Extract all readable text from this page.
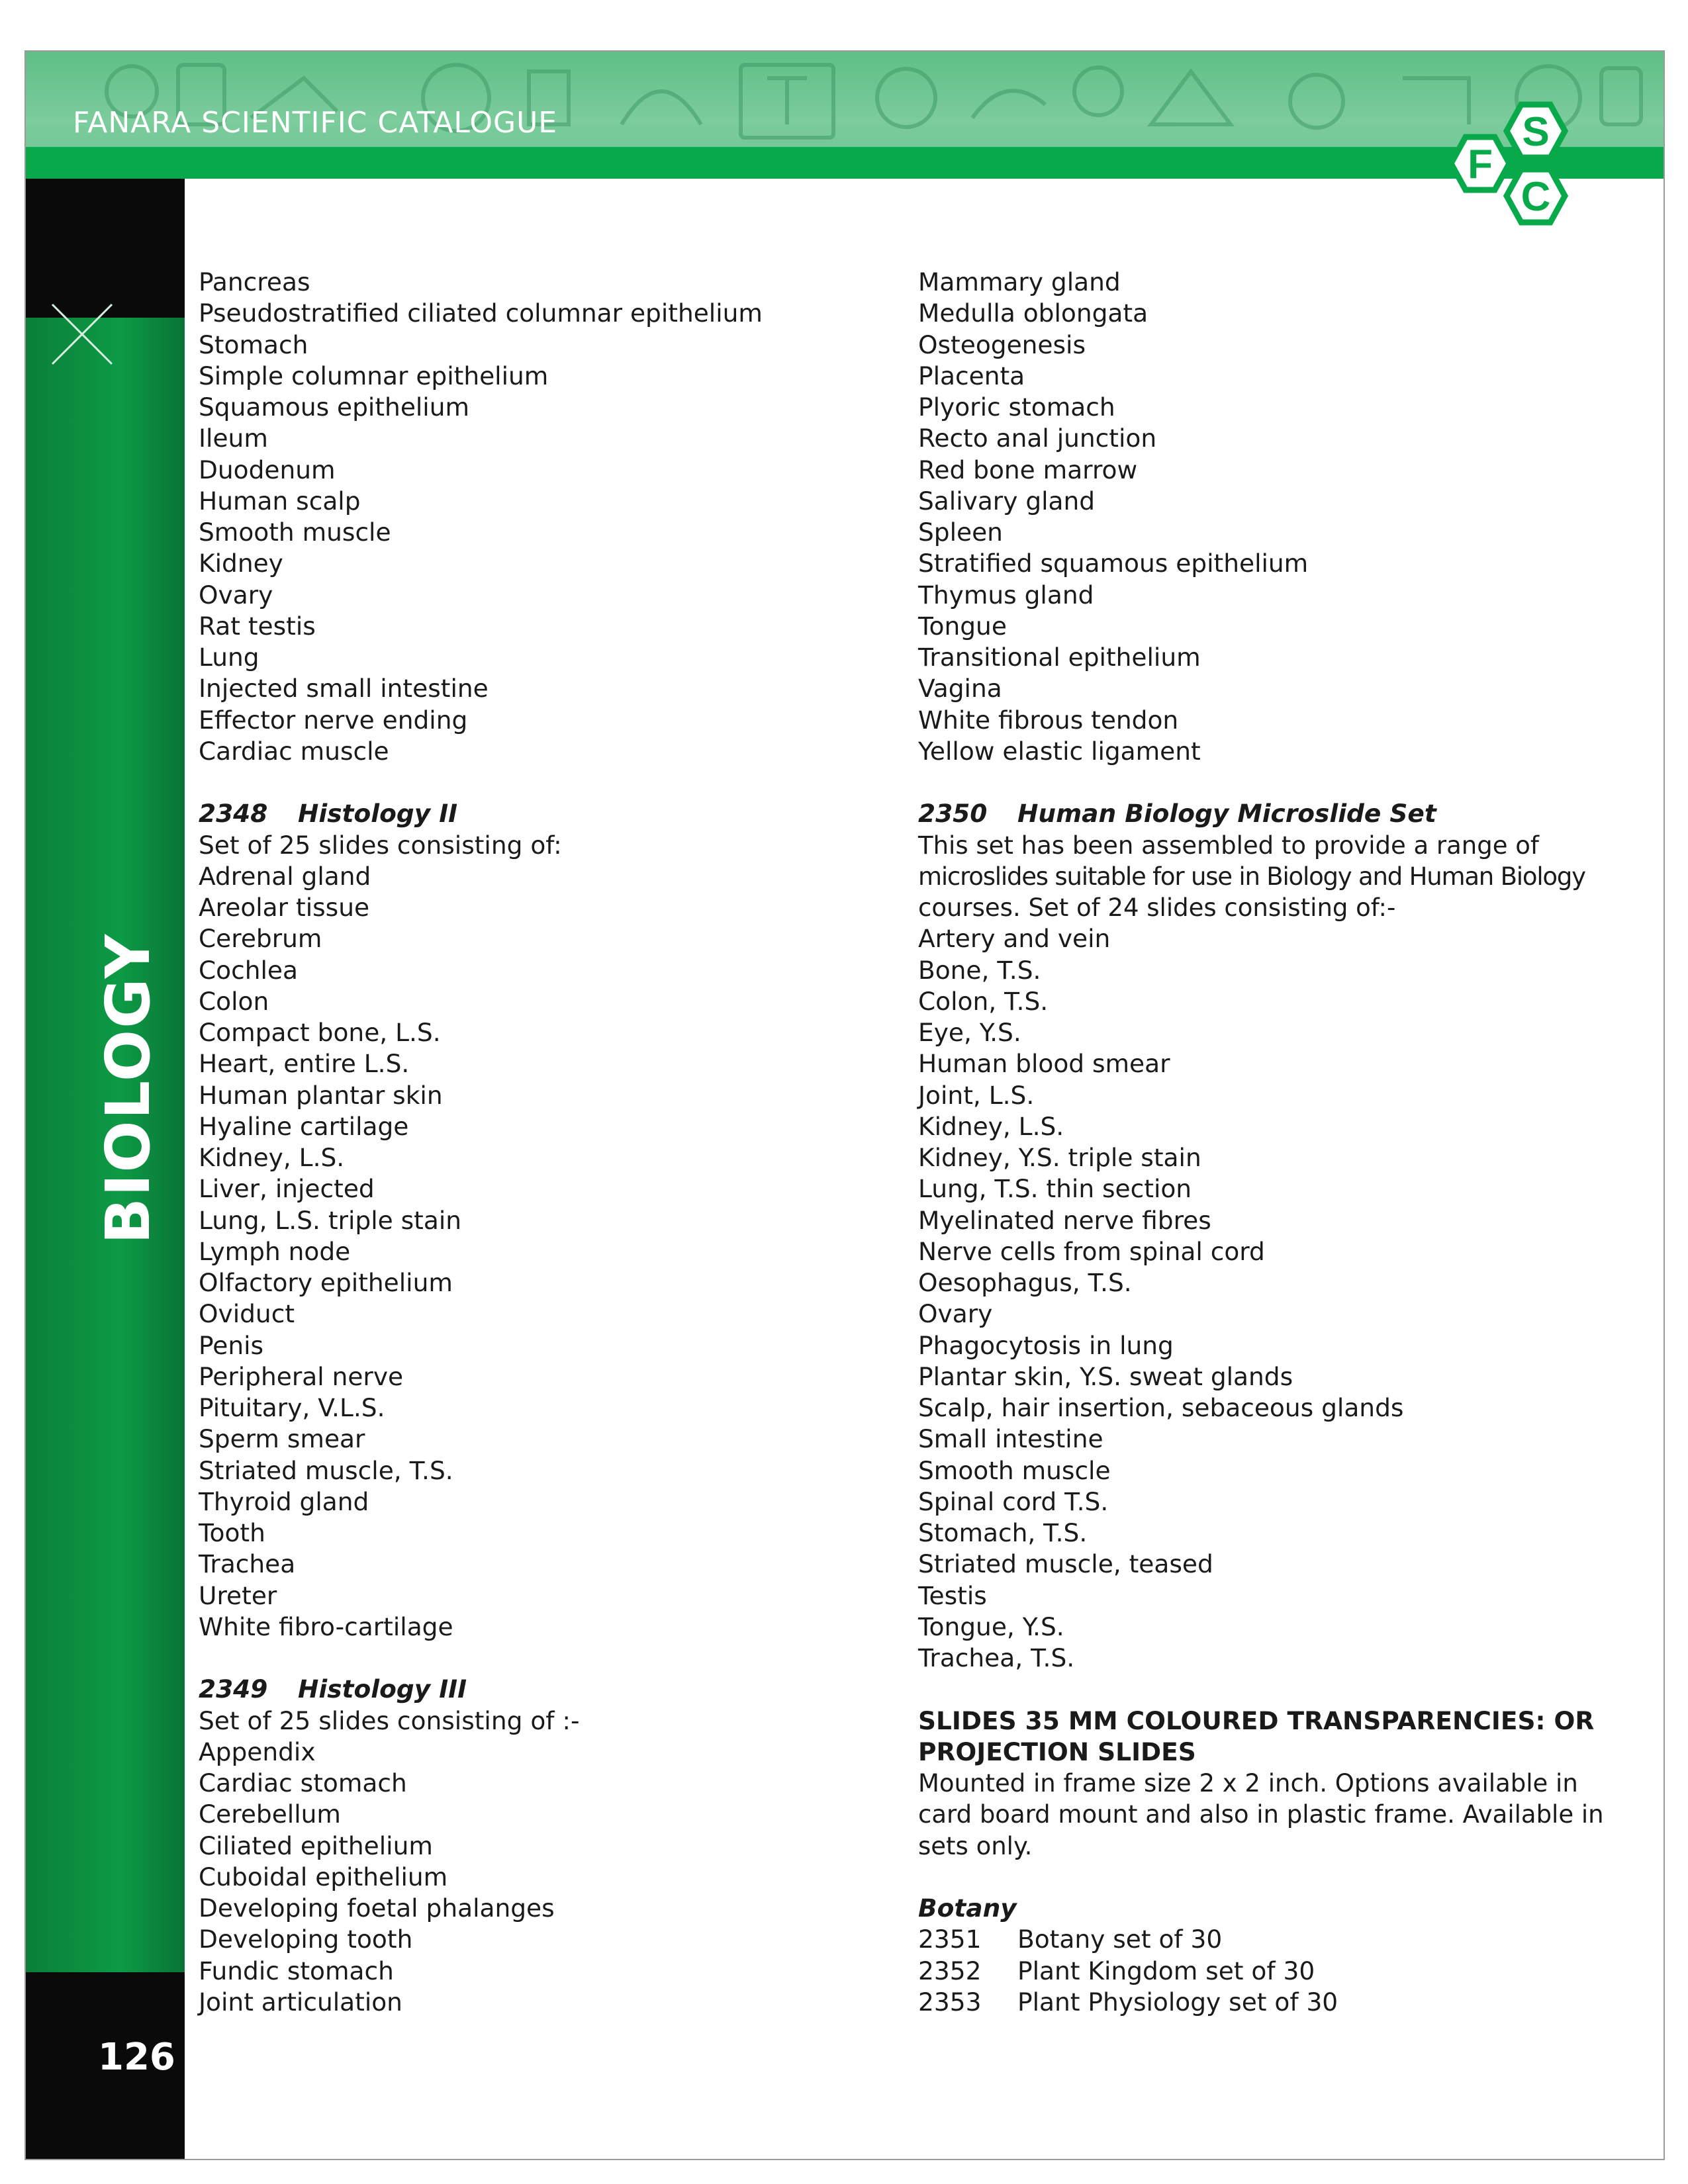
FANARA SCIENTIFIC CATALOGUE	S
F
C
BIOLOGY
126
Pancreas
Pseudostratified ciliated columnar epithelium
Stomach
Simple columnar epithelium
Squamous epithelium
Ileum
Duodenum
Human scalp
Smooth muscle
Kidney
Ovary
Rat testis
Lung
Injected small intestine
Effector nerve ending
Cardiac muscle
2348 Histology II
Set of 25 slides consisting of:
Adrenal gland
Areolar tissue
Cerebrum
Cochlea
Colon
Compact bone, L.S.
Heart, entire L.S.
Human plantar skin
Hyaline cartilage
Kidney, L.S.
Liver, injected
Lung, L.S. triple stain
Lymph node
Olfactory epithelium
Oviduct
Penis
Peripheral nerve
Pituitary, V.L.S.
Sperm smear
Striated muscle, T.S.
Thyroid gland
Tooth
Trachea
Ureter
White fibro-cartilage
2349 Histology III
Set of 25 slides consisting of :-
Appendix
Cardiac stomach
Cerebellum
Ciliated epithelium
Cuboidal epithelium
Developing foetal phalanges
Developing tooth
Fundic stomach
Joint articulation
Mammary gland
Medulla oblongata
Osteogenesis
Placenta
Plyoric stomach
Recto anal junction
Red bone marrow
Salivary gland
Spleen
Stratified squamous epithelium
Thymus gland
Tongue
Transitional epithelium
Vagina
White fibrous tendon
Yellow elastic ligament
2350 Human Biology Microslide Set
This set has been assembled to provide a range of
microslides suitable for use in Biology and Human Biology
courses. Set of 24 slides consisting of:-
Artery and vein
Bone, T.S.
Colon, T.S.
Eye, Y.S.
Human blood smear
Joint, L.S.
Kidney, L.S.
Kidney, Y.S. triple stain
Lung, T.S. thin section
Myelinated nerve fibres
Nerve cells from spinal cord
Oesophagus, T.S.
Ovary
Phagocytosis in lung
Plantar skin, Y.S. sweat glands
Scalp, hair insertion, sebaceous glands
Small intestine
Smooth muscle
Spinal cord T.S.
Stomach, T.S.
Striated muscle, teased
Testis
Tongue, Y.S.
Trachea, T.S.
SLIDES 35 MM COLOURED TRANSPARENCIES: OR
PROJECTION SLIDES
Mounted in frame size 2 x 2 inch. Options available in
card board mount and also in plastic frame. Available in
sets only.
Botany
2351 Botany set of 30
2352 Plant Kingdom set of 30
2353 Plant Physiology set of 30
